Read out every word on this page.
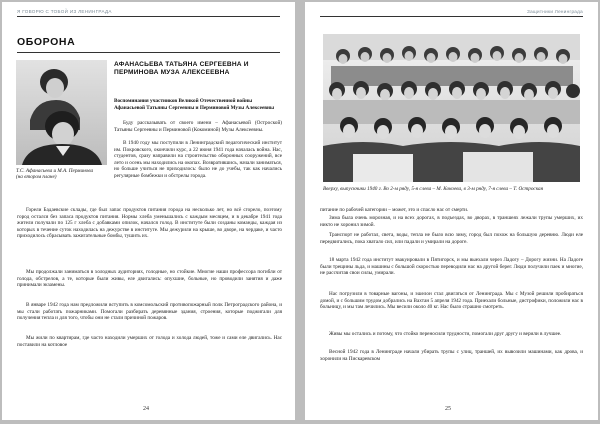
Я ГОВОРЮ С ТОБОЙ ИЗ ЛЕНИНГРАДА
ОБОРОНА
Т.С. Афанасьева и М.А. Перминова (на втором плане)
АФАНАСЬЕВА ТАТЬЯНА СЕРГЕЕВНА И ПЕРМИНОВА МУЗА АЛЕКСЕЕВНА
Воспоминания участников Великой Отечественной войны Афанасьевой Татьяны Сергеевны и Перминовой Музы Алексеевны

Буду рассказывать от своего имени – Афанасьевой (Остроской) Татьяны Сергеевны и Перминовой (Кокоминой) Музы Алексеевны.

В 1940 году мы поступили в Ленинградский педагогический институт им. Покровского, окончили курс, а 22 июня 1941 года началась война. Нас, студентов, сразу направили на строительство оборонных сооружений, все лето и осень мы находились на окопах. Возвратившись, начали заниматься, но больше учиться не приходилось: было не до учебы, так как начались регулярные бомбежки и обстрелы города.

Горели Бадаевские склады, где был запас продуктов питания города на несколько лет, но всё сгорело, поэтому город остался без запаса продуктов питания. Нормы хлеба уменьшались с каждым месяцем, и в декабре 1941 года жители получали по 125 г хлеба с добавками опилок, начался голод. В институте были созданы команды, каждая из которых в течение суток находилась на дежурстве в институте. Мы дежурили на крыше, во дворе, на чердаке, и часто приходилось сбрасывать зажигательные бомбы, тушить их.

Мы продолжали заниматься в холодных аудиториях, голодные, но стойкие. Многие наши профессора погибли от голода, обстрелов, а те, которые были живы, еле двигались: опухшие, больные, но проводили занятия и даже принимали экзамены.

В январе 1942 года нам предложили вступить в комсомольский противопожарный полк Петроградского района, и мы стали работать пожарниками. Помогали разбирать деревянные здания, строения, которые поджигали для получения тепла и для того, чтобы они не стали причиной пожаров.

Мы жили по квартирам, где часто находили умерших от голода и холода людей, тоже и сами еле двигались. Нас поставили на котловое

24
Защитники Ленинграда
Вверху, выпускники 1940 г. Во 2-м ряду, 5-я слева – М. Кокоева, в 3-м ряду, 7-я слева – Т. Остроская

питание по рабочей категории – может, это и спасло нас от смерти.

Зима была очень морозная, и на всех дорогах, в подъездах, во дворах, в траншеях лежали трупы умерших, их никто не хоронил зимой.

Транспорт не работал, света, воды, тепла не было всю зиму, город был похож на большую деревню. Люди еле передвигались, пока хватало сил, или падали и умирали на дороге.

18 марта 1942 года институт эвакуировали в Пятигорск, и мы выехали через Ладогу – Дорогу жизни. На Ладоге были трещины льда, и машины с большой скоростью переводили нас на другой берег. Люди получили паек и многие, не рассчитав свои силы, умирали.

Нас погрузили в товарные вагоны, и эшелон стал двигаться от Ленинграда. Мы с Музой решили пробираться домой, и с большим трудом добрались на Вахтан 5 апреля 1942 года. Приехали больные, дистрофики, положили нас в больницу, и мы там лечились. Мы весили около 40 кг. Нас было страшно смотреть.

Живы мы остались и потому, что стойко переносили трудности, помогали друг другу и верили в лучшее.

Весной 1942 года в Ленинграде начали убирать трупы с улиц, траншей, их вывозили машинами, как дрова, и хоронили на Пискаревском

25
